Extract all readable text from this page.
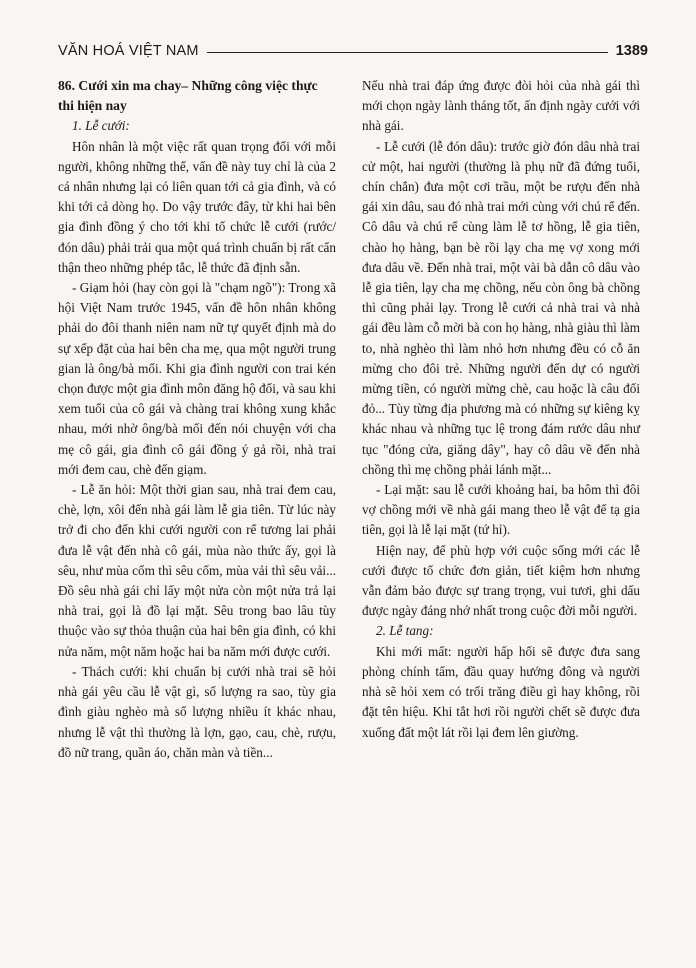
VĂN HOÁ VIỆT NAM	1389
86. Cưới xin ma chay– Những công việc thực thi hiện nay
1. Lễ cưới:

Hôn nhân là một việc rất quan trọng đối với mỗi người, không những thế, vấn đề này tuy chỉ là của 2 cá nhân nhưng lại có liên quan tới cả gia đình, và có khi tới cả dòng họ. Do vậy trước đây, từ khi hai bên gia đình đồng ý cho tới khi tổ chức lễ cưới (rước/đón dâu) phải trải qua một quá trình chuẩn bị rất cẩn thận theo những phép tắc, lễ thức đã định sẵn.

- Giạm hỏi (hay còn gọi là "chạm ngõ"): Trong xã hội Việt Nam trước 1945, vấn đề hôn nhân không phải do đôi thanh niên nam nữ tự quyết định mà do sự xếp đặt của hai bên cha mẹ, qua một người trung gian là ông/bà mối. Khi gia đình người con trai kén chọn được một gia đình môn đăng hộ đối, và sau khi xem tuổi của cô gái và chàng trai không xung khắc nhau, mới nhờ ông/bà mối đến nói chuyện với cha mẹ cô gái, gia đình cô gái đồng ý gả rồi, nhà trai mới đem cau, chè đến giạm.

- Lễ ăn hỏi: Một thời gian sau, nhà trai đem cau, chè, lợn, xôi đến nhà gái làm lễ gia tiên. Từ lúc này trở đi cho đến khi cưới người con rể tương lai phải đưa lễ vật đến nhà cô gái, mùa nào thức ấy, gọi là sêu, như mùa cốm thì sêu cốm, mùa vải thì sêu vải... Đồ sêu nhà gái chỉ lấy một nửa còn một nửa trả lại nhà trai, gọi là đồ lại mặt. Sêu trong bao lâu tùy thuộc vào sự thỏa thuận của hai bên gia đình, có khi nửa năm, một năm hoặc hai ba năm mới được cưới.

- Thách cưới: khi chuẩn bị cưới nhà trai sẽ hỏi nhà gái yêu cầu lễ vật gì, số lượng ra sao, tùy gia đình giàu nghèo mà số lượng nhiều ít khác nhau, nhưng lễ vật thì thường là lợn, gạo, cau, chè, rượu, đồ nữ trang, quần áo, chăn màn và tiền...

Nếu nhà trai đáp ứng được đòi hỏi của nhà gái thì mới chọn ngày lành tháng tốt, ấn định ngày cưới với nhà gái.

- Lễ cưới (lễ đón dâu): trước giờ đón dâu nhà trai cử một, hai người (thường là phụ nữ đã đứng tuổi, chín chắn) đưa một cơi trầu, một be rượu đến nhà gái xin dâu, sau đó nhà trai mới cùng với chú rể đến. Cô dâu và chú rể cùng làm lễ tơ hồng, lễ gia tiên, chào họ hàng, bạn bè rồi lạy cha mẹ vợ xong mới đưa dâu về. Đến nhà trai, một vài bà dẫn cô dâu vào lễ gia tiên, lạy cha mẹ chồng, nếu còn ông bà chồng thì cũng phải lạy. Trong lễ cưới cả nhà trai và nhà gái đều làm cỗ mời bà con họ hàng, nhà giàu thì làm to, nhà nghèo thì làm nhỏ hơn nhưng đều có cỗ ăn mừng cho đôi trẻ. Những người đến dự có người mừng tiền, có người mừng chè, cau hoặc là câu đối đỏ... Tùy từng địa phương mà có những sự kiêng kỵ khác nhau và những tục lệ trong đám rước dâu như tục "đóng cửa, giăng dây", hay cô dâu về đến nhà chồng thì mẹ chồng phải lánh mặt...

- Lại mặt: sau lễ cưới khoảng hai, ba hôm thì đôi vợ chồng mới về nhà gái mang theo lễ vật để tạ gia tiên, gọi là lễ lại mặt (tứ hỉ).

Hiện nay, để phù hợp với cuộc sống mới các lễ cưới được tổ chức đơn giản, tiết kiệm hơn nhưng vẫn đảm bảo được sự trang trọng, vui tươi, ghi dấu được ngày đáng nhớ nhất trong cuộc đời mỗi người.

2. Lễ tang:

Khi mới mất: người hấp hối sẽ được đưa sang phòng chính tẩm, đầu quay hướng đông và người nhà sẽ hỏi xem có trối trăng điều gì hay không, rồi đặt tên hiệu. Khi tắt hơi rồi người chết sẽ được đưa xuống đất một lát rồi lại đem lên giường.
